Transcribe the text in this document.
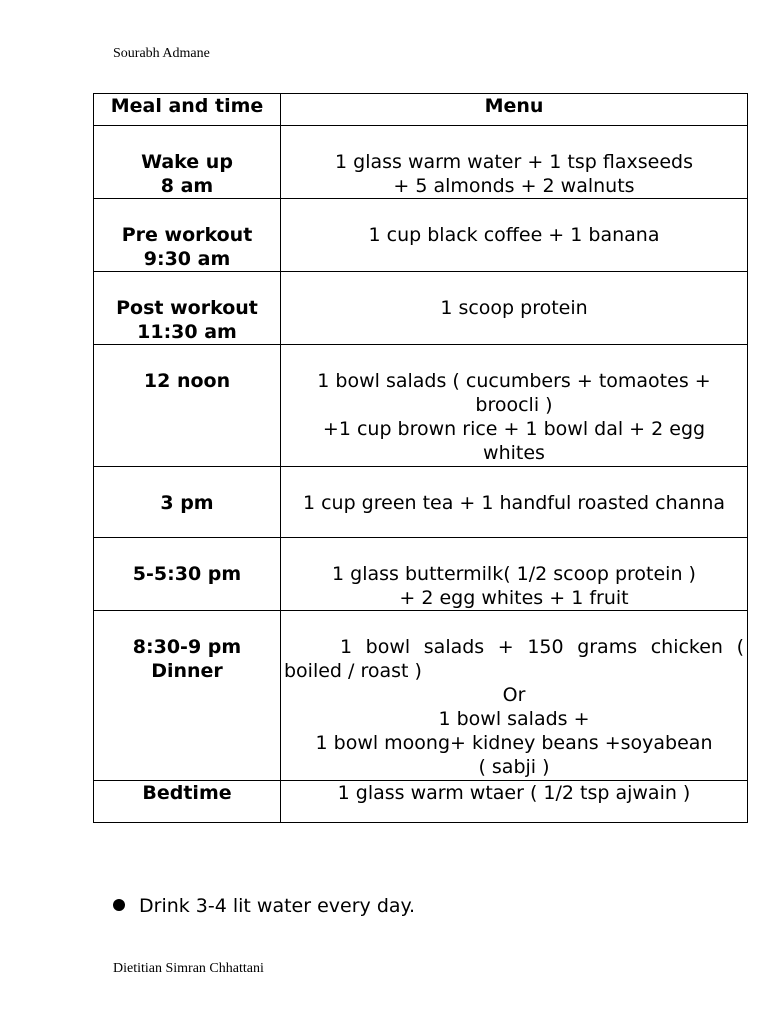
Sourabh Admane
Meal and time	Menu
Wake up
8 am	1 glass warm water + 1 tsp flaxseeds
+ 5 almonds + 2 walnuts
Pre workout
9:30 am	1 cup black coffee + 1 banana
Post workout
11:30 am	1 scoop protein
12 noon	1 bowl salads ( cucumbers + tomaotes +
broocli )
+1 cup brown rice + 1 bowl dal + 2 egg
whites
3 pm	1 cup green tea + 1 handful roasted channa
5-5:30 pm	1 glass buttermilk( 1/2 scoop protein )
+ 2 egg whites + 1 fruit
8:30-9 pm
Dinner	1 bowl salads + 150 grams chicken ( boiled / roast )
Or
1 bowl salads +
1 bowl moong+ kidney beans +soyabean
( sabji )
Bedtime	1 glass warm wtaer ( 1/2 tsp ajwain )
Drink 3-4 lit water every day.
Dietitian Simran Chhattani
